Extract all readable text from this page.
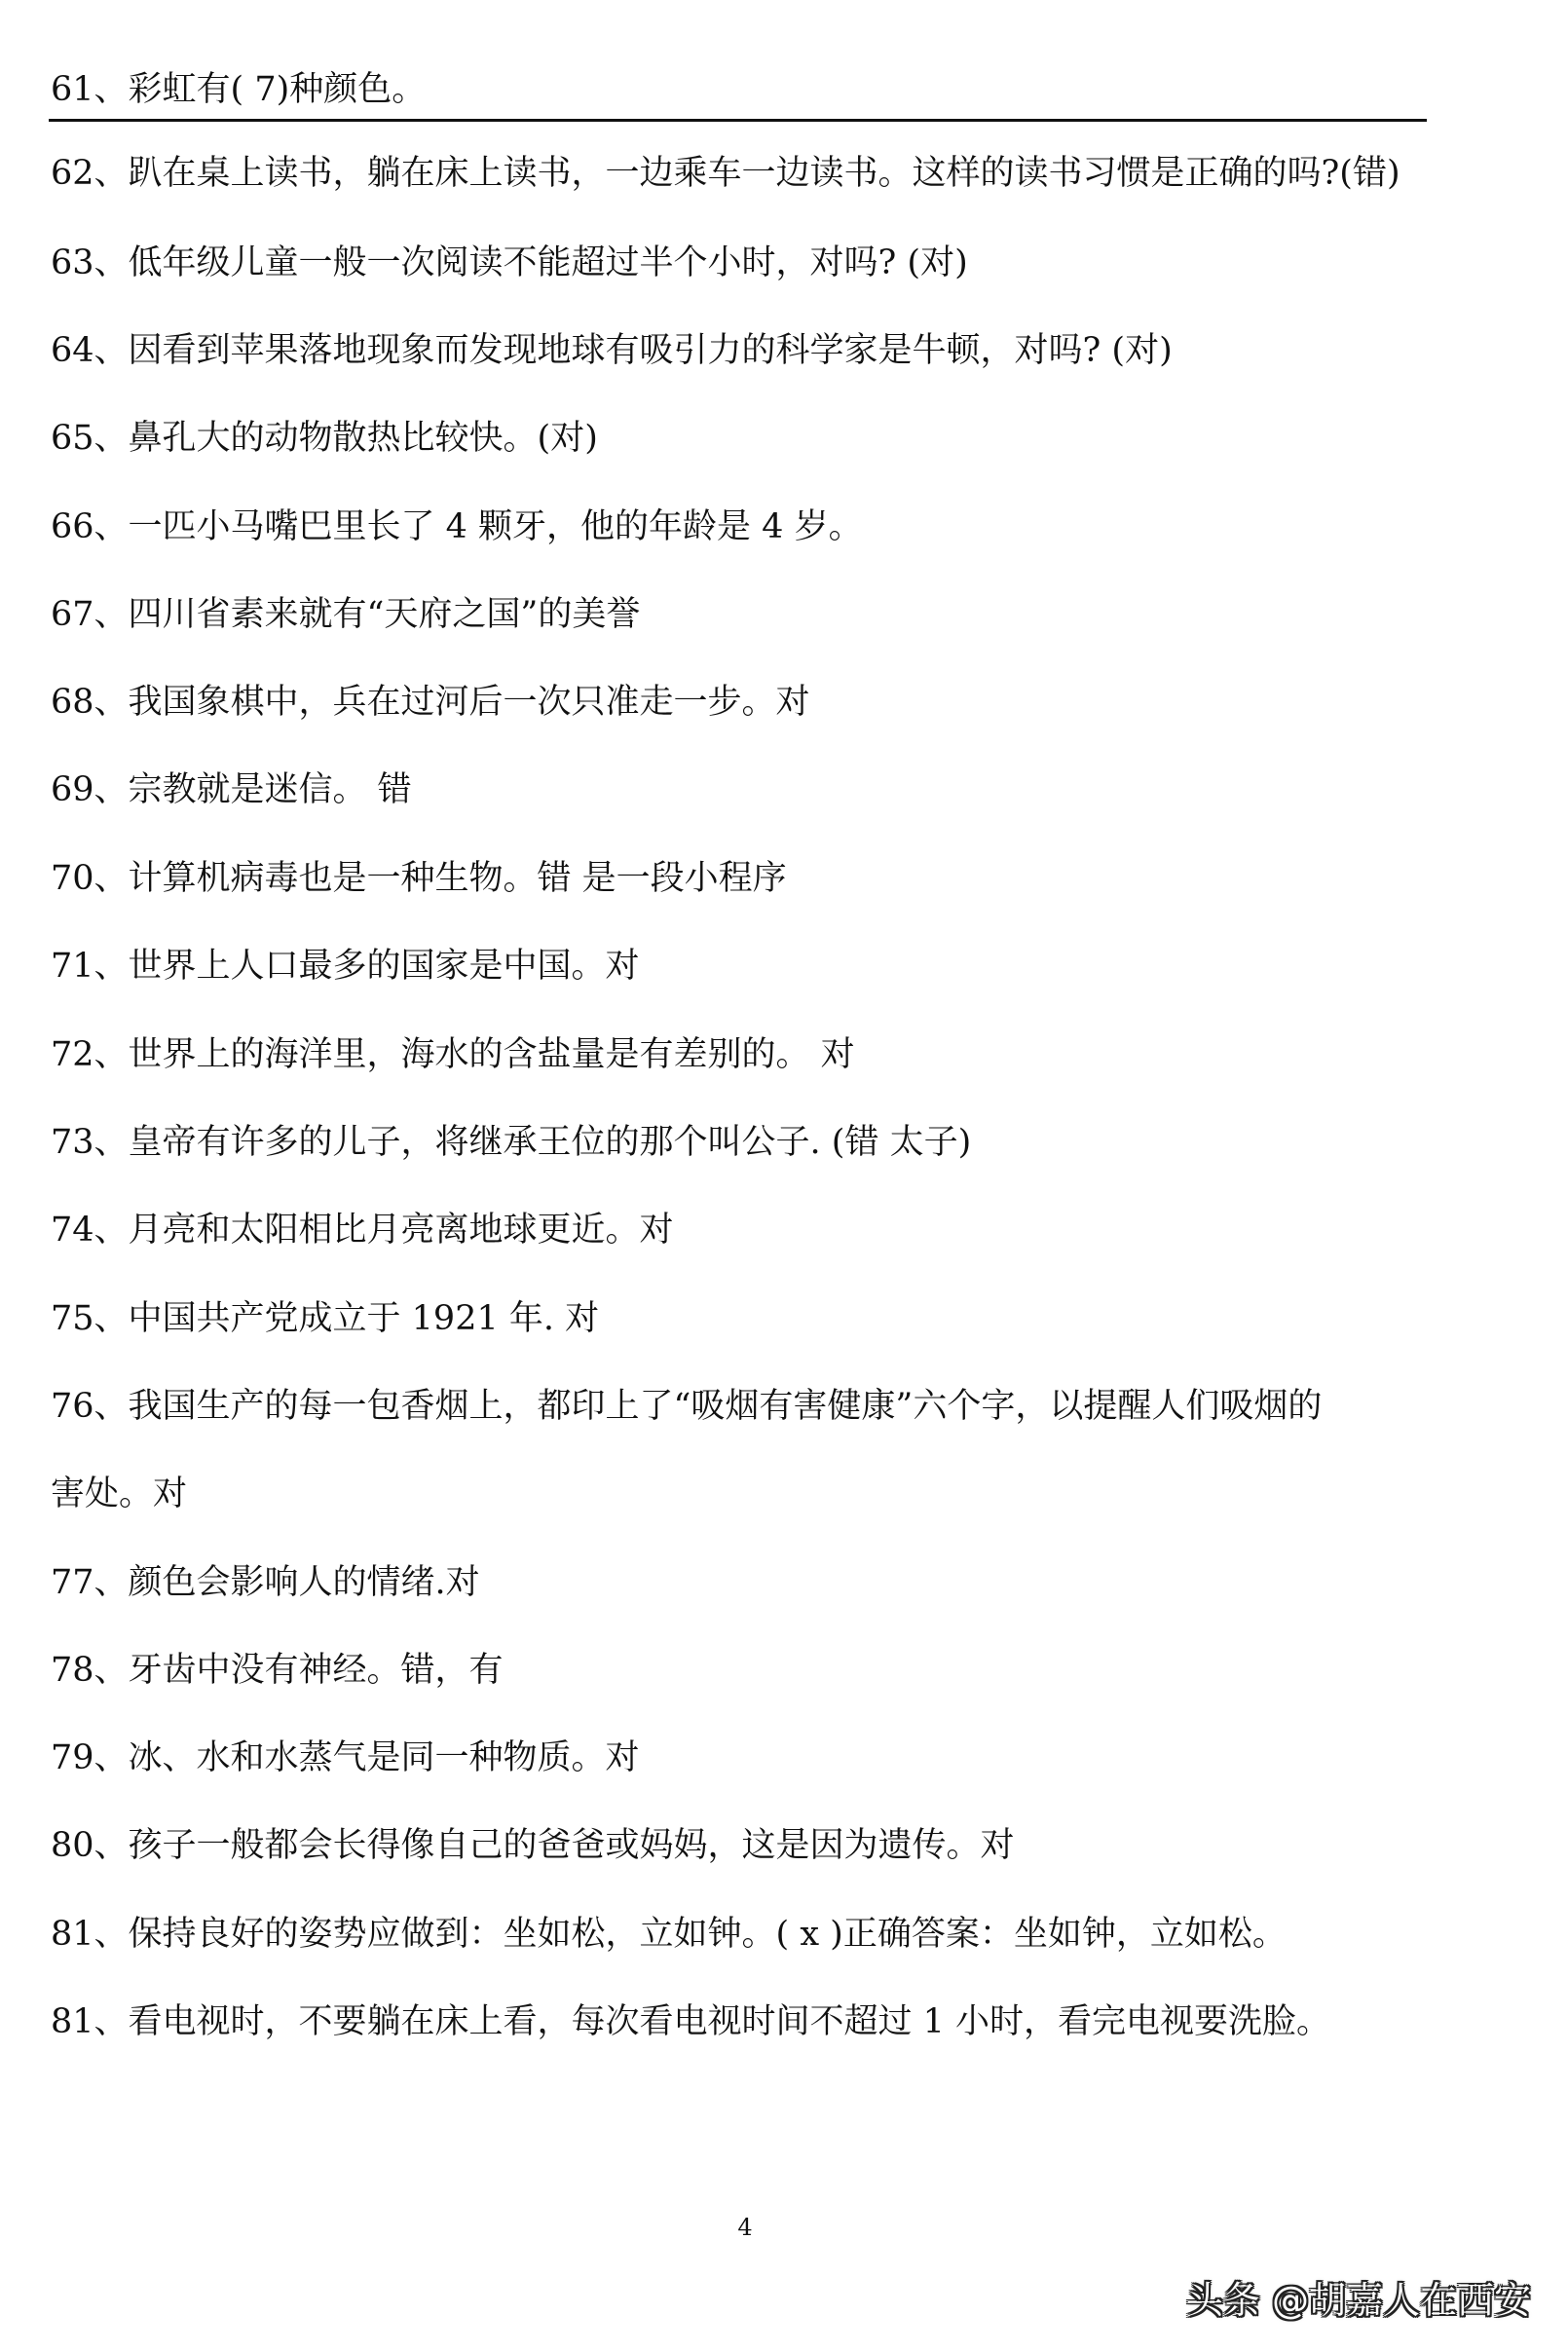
61、彩虹有( 7)种颜色。
62、趴在桌上读书，躺在床上读书，一边乘车一边读书。这样的读书习惯是正确的吗?(错)
63、低年级儿童一般一次阅读不能超过半个小时，对吗? (对)
64、因看到苹果落地现象而发现地球有吸引力的科学家是牛顿，对吗? (对)
65、鼻孔大的动物散热比较快。(对)
66、一匹小马嘴巴里长了 4 颗牙，他的年龄是 4 岁。
67、四川省素来就有“天府之国”的美誉
68、我国象棋中，兵在过河后一次只准走一步。对
69、宗教就是迷信。 错
70、计算机病毒也是一种生物。错 是一段小程序
71、世界上人口最多的国家是中国。对
72、世界上的海洋里，海水的含盐量是有差别的。 对
73、皇帝有许多的儿子，将继承王位的那个叫公子. (错 太子)
74、月亮和太阳相比月亮离地球更近。对
75、中国共产党成立于 1921 年. 对
76、我国生产的每一包香烟上，都印上了“吸烟有害健康”六个字，以提醒人们吸烟的
害处。对
77、颜色会影响人的情绪.对
78、牙齿中没有神经。错，有
79、冰、水和水蒸气是同一种物质。对
80、孩子一般都会长得像自己的爸爸或妈妈，这是因为遗传。对
81、保持良好的姿势应做到：坐如松，立如钟。( x )正确答案：坐如钟，立如松。
81、看电视时，不要躺在床上看，每次看电视时间不超过 1 小时，看完电视要洗脸。
4
头条 @胡嘉人在西安
